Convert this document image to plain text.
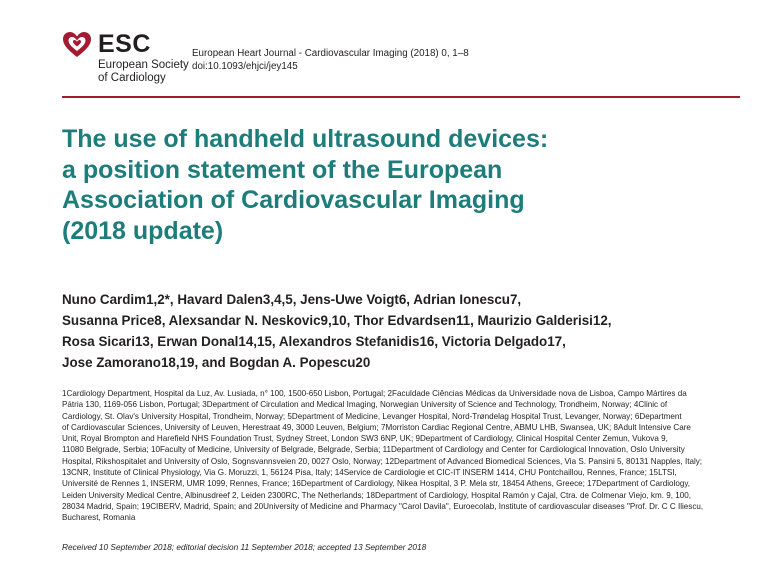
ESC
European Society
of Cardiology
European Heart Journal - Cardiovascular Imaging (2018) 0, 1–8
doi:10.1093/ehjci/jey145
The use of handheld ultrasound devices:
a position statement of the European
Association of Cardiovascular Imaging
(2018 update)
Nuno Cardim1,2*, Havard Dalen3,4,5, Jens-Uwe Voigt6, Adrian Ionescu7,
Susanna Price8, Alexsandar N. Neskovic9,10, Thor Edvardsen11, Maurizio Galderisi12,
Rosa Sicari13, Erwan Donal14,15, Alexandros Stefanidis16, Victoria Delgado17,
Jose Zamorano18,19, and Bogdan A. Popescu20
1Cardiology Department, Hospital da Luz, Av. Lusiada, n° 100, 1500-650 Lisbon, Portugal; 2Faculdade Ciências Médicas da Universidade nova de Lisboa, Campo Mártires da
Pátria 130, 1169-056 Lisbon, Portugal; 3Department of Circulation and Medical Imaging, Norwegian University of Science and Technology, Trondheim, Norway; 4Clinic of
Cardiology, St. Olav's University Hospital, Trondheim, Norway; 5Department of Medicine, Levanger Hospital, Nord-Trøndelag Hospital Trust, Levanger, Norway; 6Department
of Cardiovascular Sciences, University of Leuven, Herestraat 49, 3000 Leuven, Belgium; 7Morriston Cardiac Regional Centre, ABMU LHB, Swansea, UK; 8Adult Intensive Care
Unit, Royal Brompton and Harefield NHS Foundation Trust, Sydney Street, London SW3 6NP, UK; 9Department of Cardiology, Clinical Hospital Center Zemun, Vukova 9,
11080 Belgrade, Serbia; 10Faculty of Medicine, University of Belgrade, Belgrade, Serbia; 11Department of Cardiology and Center for Cardiological Innovation, Oslo University
Hospital, Rikshospitalet and University of Oslo, Sognsvannsveien 20, 0027 Oslo, Norway; 12Department of Advanced Biomedical Sciences, Via S. Pansini 5, 80131 Napples, Italy;
13CNR, Institute of Clinical Physiology, Via G. Moruzzi, 1, 56124 Pisa, Italy; 14Service de Cardiologie et CIC-IT INSERM 1414, CHU Pontchaillou, Rennes, France; 15LTSI,
Université de Rennes 1, INSERM, UMR 1099, Rennes, France; 16Department of Cardiology, Nikea Hospital, 3 P. Mela str, 18454 Athens, Greece; 17Department of Cardiology,
Leiden University Medical Centre, Albinusdreef 2, Leiden 2300RC, The Netherlands; 18Department of Cardiology, Hospital Ramón y Cajal, Ctra. de Colmenar Viejo, km. 9, 100,
28034 Madrid, Spain; 19CIBERV, Madrid, Spain; and 20University of Medicine and Pharmacy "Carol Davila", Euroecolab, Institute of cardiovascular diseases "Prof. Dr. C C Iliescu,
Bucharest, Romania
Received 10 September 2018; editorial decision 11 September 2018; accepted 13 September 2018
